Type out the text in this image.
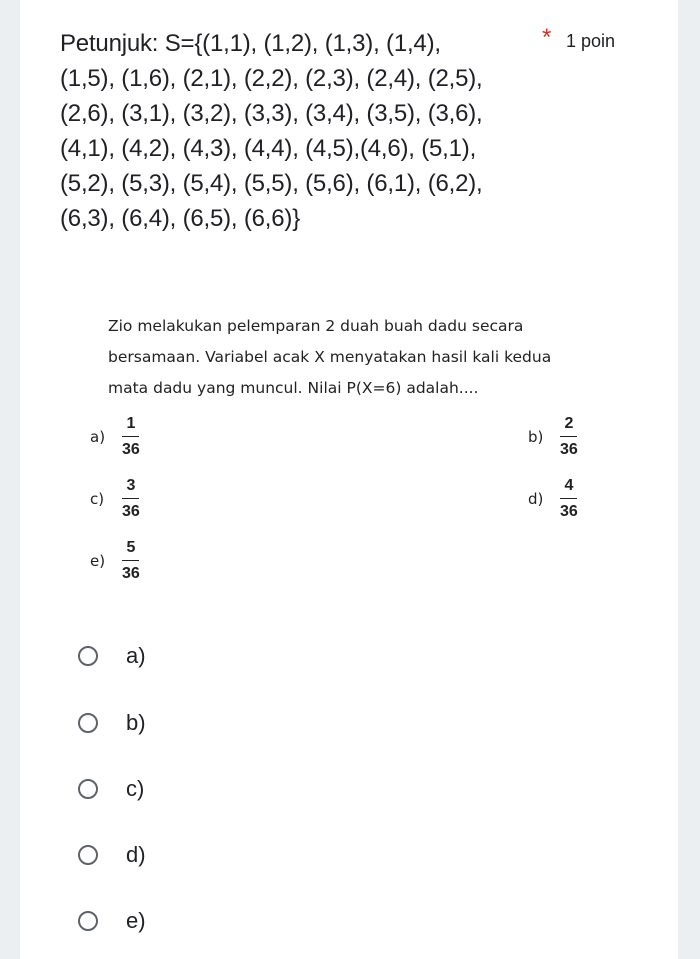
Petunjuk: S={(1,1), (1,2), (1,3), (1,4),
(1,5), (1,6), (2,1), (2,2), (2,3), (2,4), (2,5),
(2,6), (3,1), (3,2), (3,3), (3,4), (3,5), (3,6),
(4,1), (4,2), (4,3), (4,4), (4,5),(4,6), (5,1),
(5,2), (5,3), (5,4), (5,5), (5,6), (6,1), (6,2),
(6,3), (6,4), (6,5), (6,6)}
* 1 poin
Zio melakukan pelemparan 2 duah buah dadu secara
bersamaan. Variabel acak X menyatakan hasil kali kedua
mata dadu yang muncul. Nilai P(X=6) adalah....
a)	$\frac{1}{36}$	b)	$\frac{2}{36}$
c)	$\frac{3}{36}$	d)	$\frac{4}{36}$
e)	$\frac{5}{36}$
a)
b)
c)
d)
e)
